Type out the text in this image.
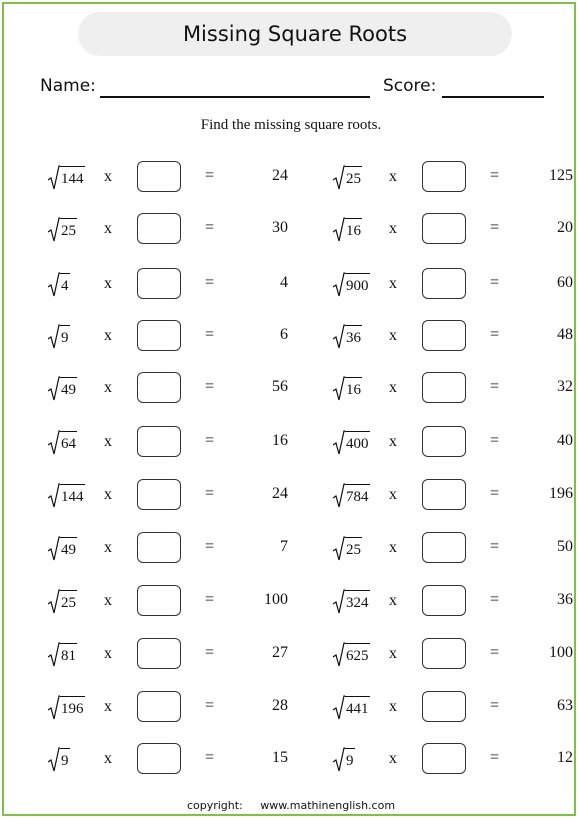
Missing Square Roots
Name:	Score:
Find the missing square roots.
144 x	=	24
25 x	=	30
4 x	=	4
9 x	=	6
49 x	=	56
64 x	=	16
144 x	=	24
49 x	=	7
25 x	=	100
81 x	=	27
196 x	=	28
9 x	=	15
25 x	=	125
16 x	=	20
900 x	=	60
36 x	=	48
16 x	=	32
400 x	=	40
784 x	=	196
25 x	=	50
324 x	=	36
625 x	=	100
441 x	=	63
9 x	=	12
copyright: www.mathinenglish.com
